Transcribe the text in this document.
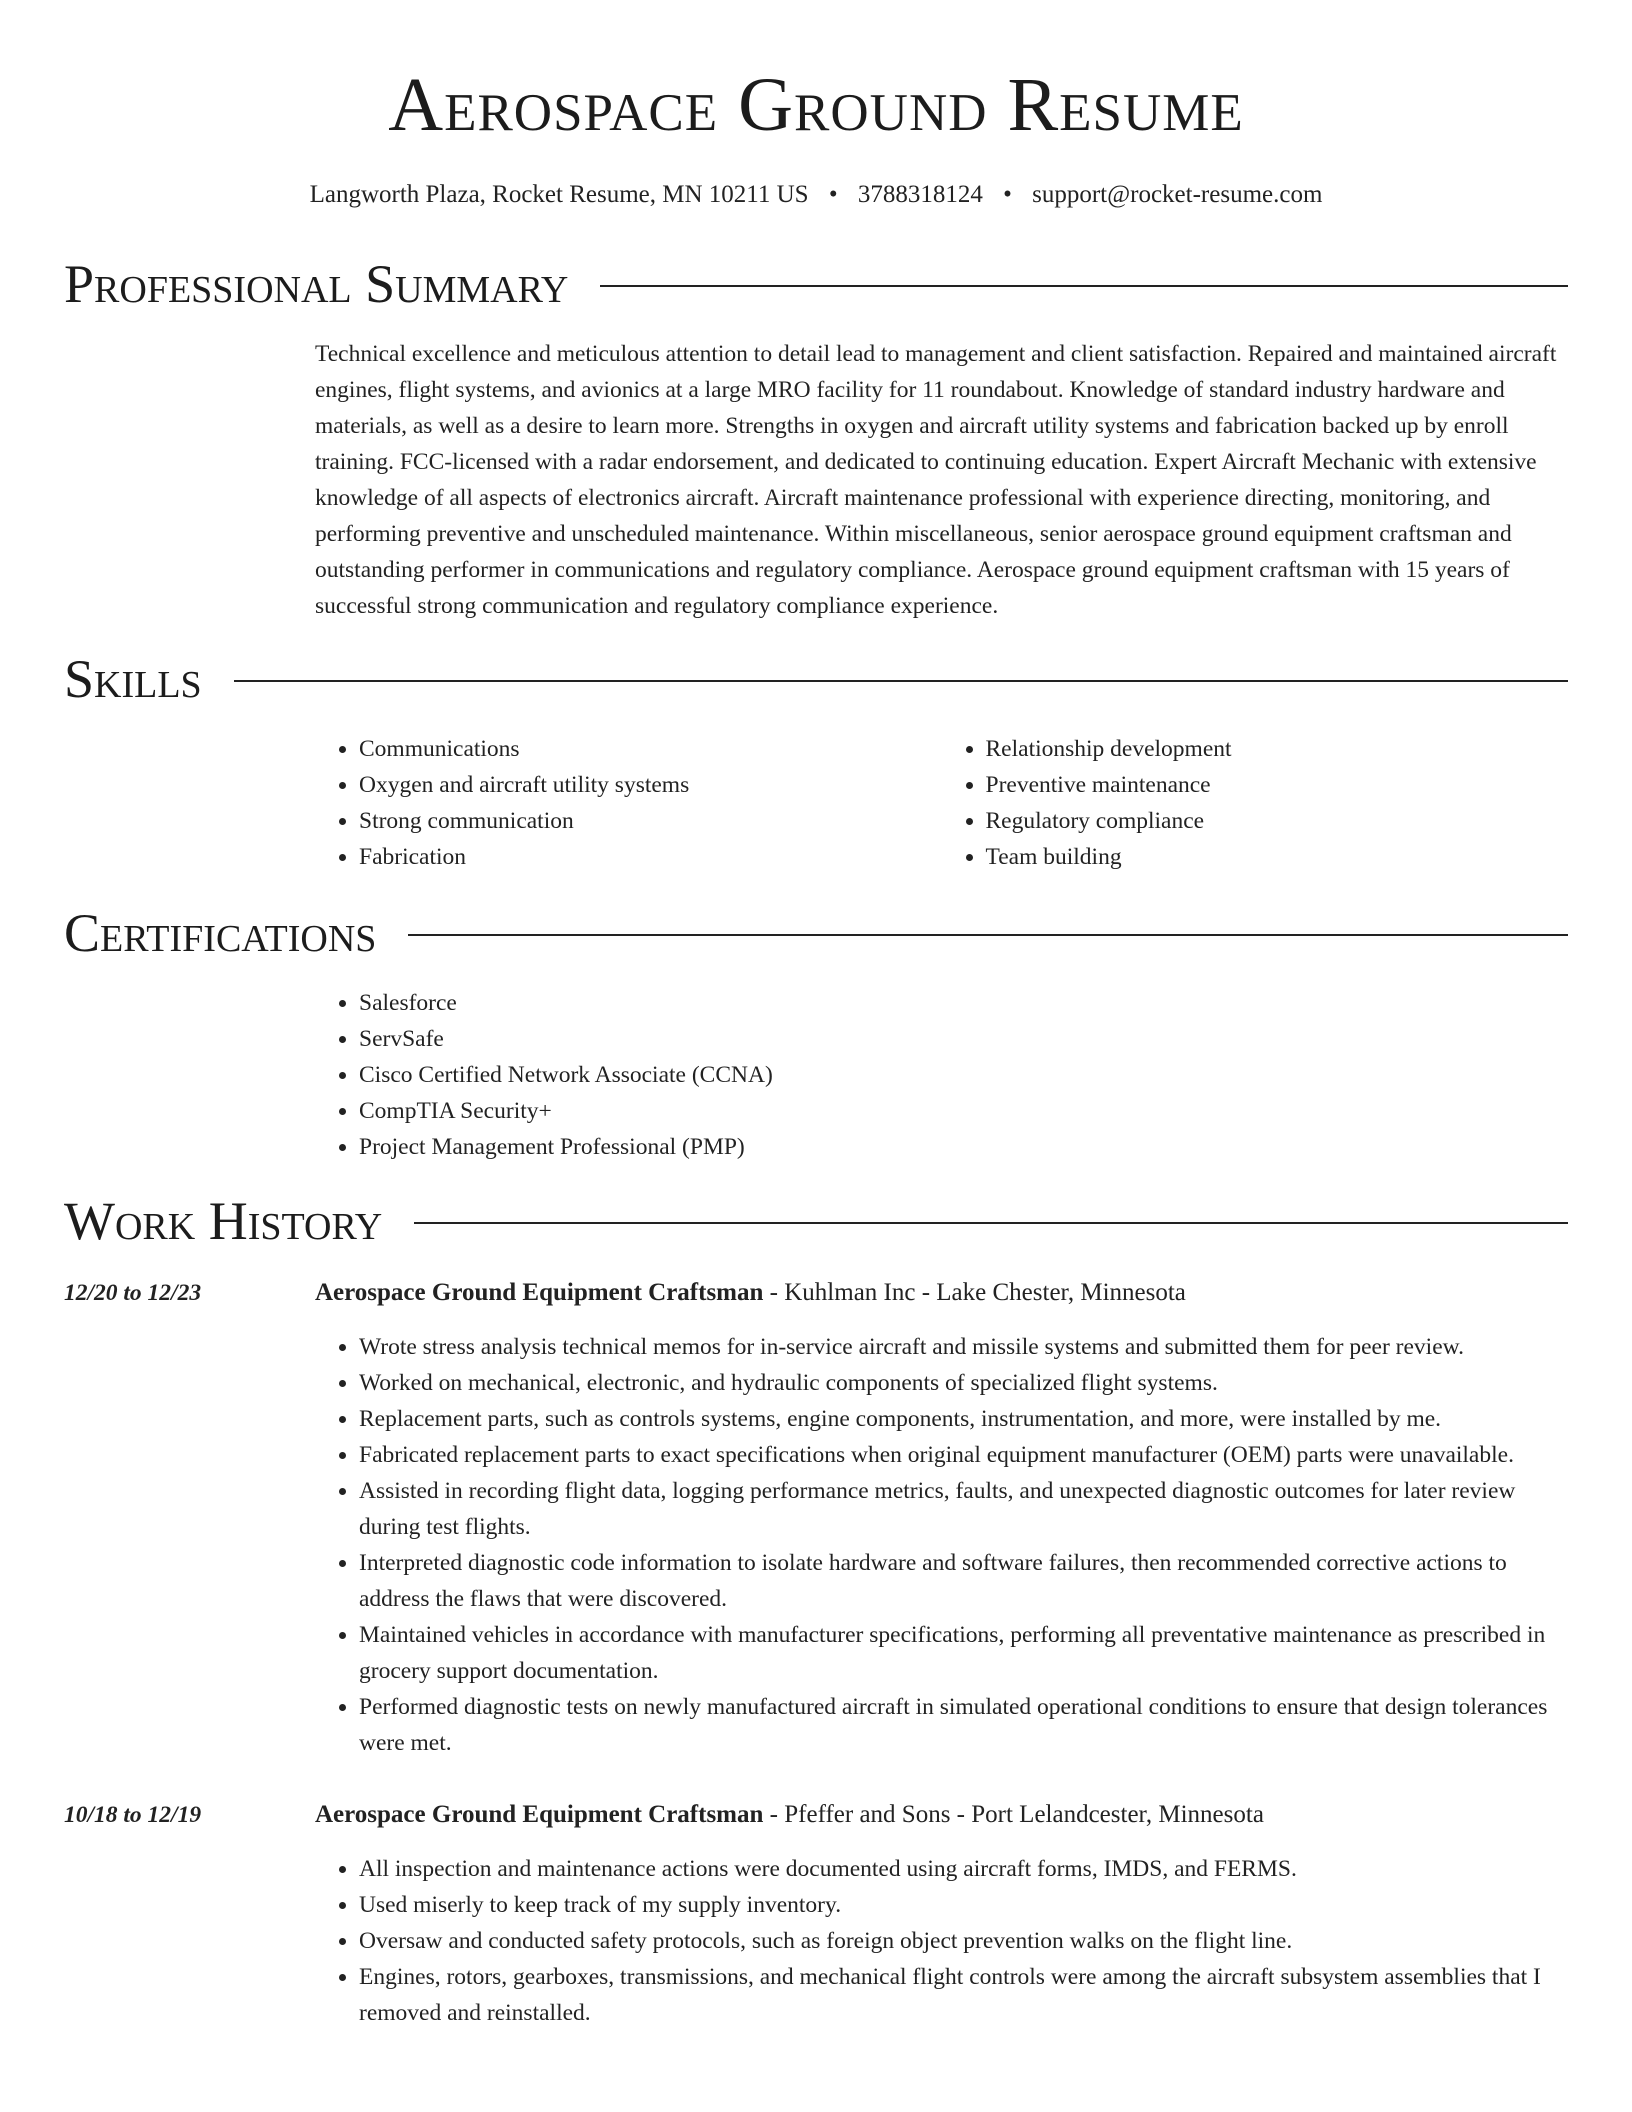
Aerospace Ground Resume
Langworth Plaza, Rocket Resume, MN 10211 US • 3788318124 • support@rocket-resume.com
Professional Summary

Technical excellence and meticulous attention to detail lead to management and client satisfaction. Repaired and maintained aircraft engines, flight systems, and avionics at a large MRO facility for 11 roundabout. Knowledge of standard industry hardware and materials, as well as a desire to learn more. Strengths in oxygen and aircraft utility systems and fabrication backed up by enroll training. FCC-licensed with a radar endorsement, and dedicated to continuing education. Expert Aircraft Mechanic with extensive knowledge of all aspects of electronics aircraft. Aircraft maintenance professional with experience directing, monitoring, and performing preventive and unscheduled maintenance. Within miscellaneous, senior aerospace ground equipment craftsman and outstanding performer in communications and regulatory compliance. Aerospace ground equipment craftsman with 15 years of successful strong communication and regulatory compliance experience.

Skills
• Communications
• Oxygen and aircraft utility systems
• Strong communication
• Fabrication
• Relationship development
• Preventive maintenance
• Regulatory compliance
• Team building
Certifications
• Salesforce
• ServSafe
• Cisco Certified Network Associate (CCNA)
• CompTIA Security+
• Project Management Professional (PMP)
Work History
12/20 to 12/23	Aerospace Ground Equipment Craftsman - Kuhlman Inc - Lake Chester, Minnesota
• Wrote stress analysis technical memos for in-service aircraft and missile systems and submitted them for peer review.
• Worked on mechanical, electronic, and hydraulic components of specialized flight systems.
• Replacement parts, such as controls systems, engine components, instrumentation, and more, were installed by me.
• Fabricated replacement parts to exact specifications when original equipment manufacturer (OEM) parts were unavailable.
• Assisted in recording flight data, logging performance metrics, faults, and unexpected diagnostic outcomes for later review during test flights.
• Interpreted diagnostic code information to isolate hardware and software failures, then recommended corrective actions to address the flaws that were discovered.
• Maintained vehicles in accordance with manufacturer specifications, performing all preventative maintenance as prescribed in grocery support documentation.
• Performed diagnostic tests on newly manufactured aircraft in simulated operational conditions to ensure that design tolerances were met.
10/18 to 12/19	Aerospace Ground Equipment Craftsman - Pfeffer and Sons - Port Lelandcester, Minnesota
• All inspection and maintenance actions were documented using aircraft forms, IMDS, and FERMS.
• Used miserly to keep track of my supply inventory.
• Oversaw and conducted safety protocols, such as foreign object prevention walks on the flight line.
• Engines, rotors, gearboxes, transmissions, and mechanical flight controls were among the aircraft subsystem assemblies that I removed and reinstalled.
